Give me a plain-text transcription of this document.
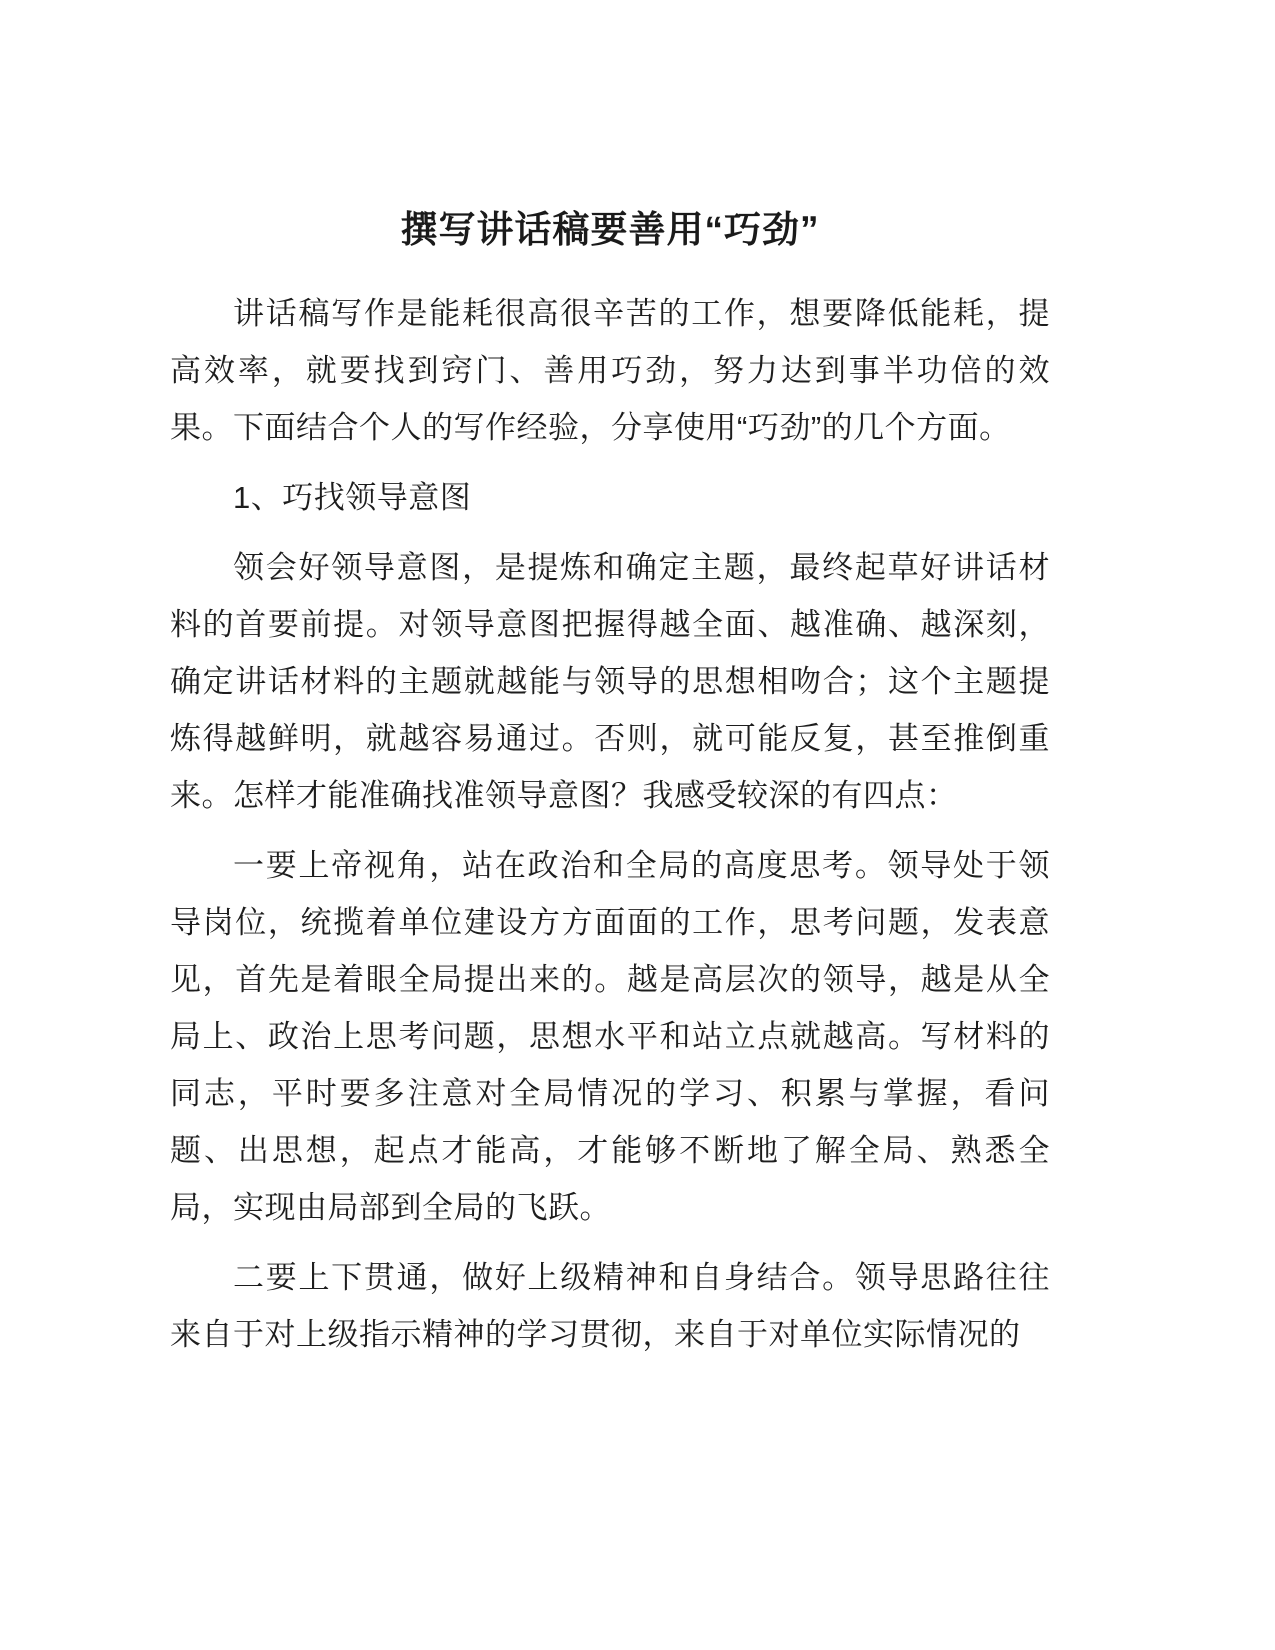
撰写讲话稿要善用“巧劲”

讲话稿写作是能耗很高很辛苦的工作，想要降低能耗，提高效率，就要找到窍门、善用巧劲，努力达到事半功倍的效果。下面结合个人的写作经验，分享使用“巧劲”的几个方面。

1、巧找领导意图

领会好领导意图，是提炼和确定主题，最终起草好讲话材料的首要前提。对领导意图把握得越全面、越准确、越深刻，确定讲话材料的主题就越能与领导的思想相吻合；这个主题提炼得越鲜明，就越容易通过。否则，就可能反复，甚至推倒重来。怎样才能准确找准领导意图？我感受较深的有四点：

一要上帝视角，站在政治和全局的高度思考。领导处于领导岗位，统揽着单位建设方方面面的工作，思考问题，发表意见，首先是着眼全局提出来的。越是高层次的领导，越是从全局上、政治上思考问题，思想水平和站立点就越高。写材料的同志，平时要多注意对全局情况的学习、积累与掌握，看问题、出思想，起点才能高，才能够不断地了解全局、熟悉全局，实现由局部到全局的飞跃。

二要上下贯通，做好上级精神和自身结合。领导思路往往来自于对上级指示精神的学习贯彻，来自于对单位实际情况的
